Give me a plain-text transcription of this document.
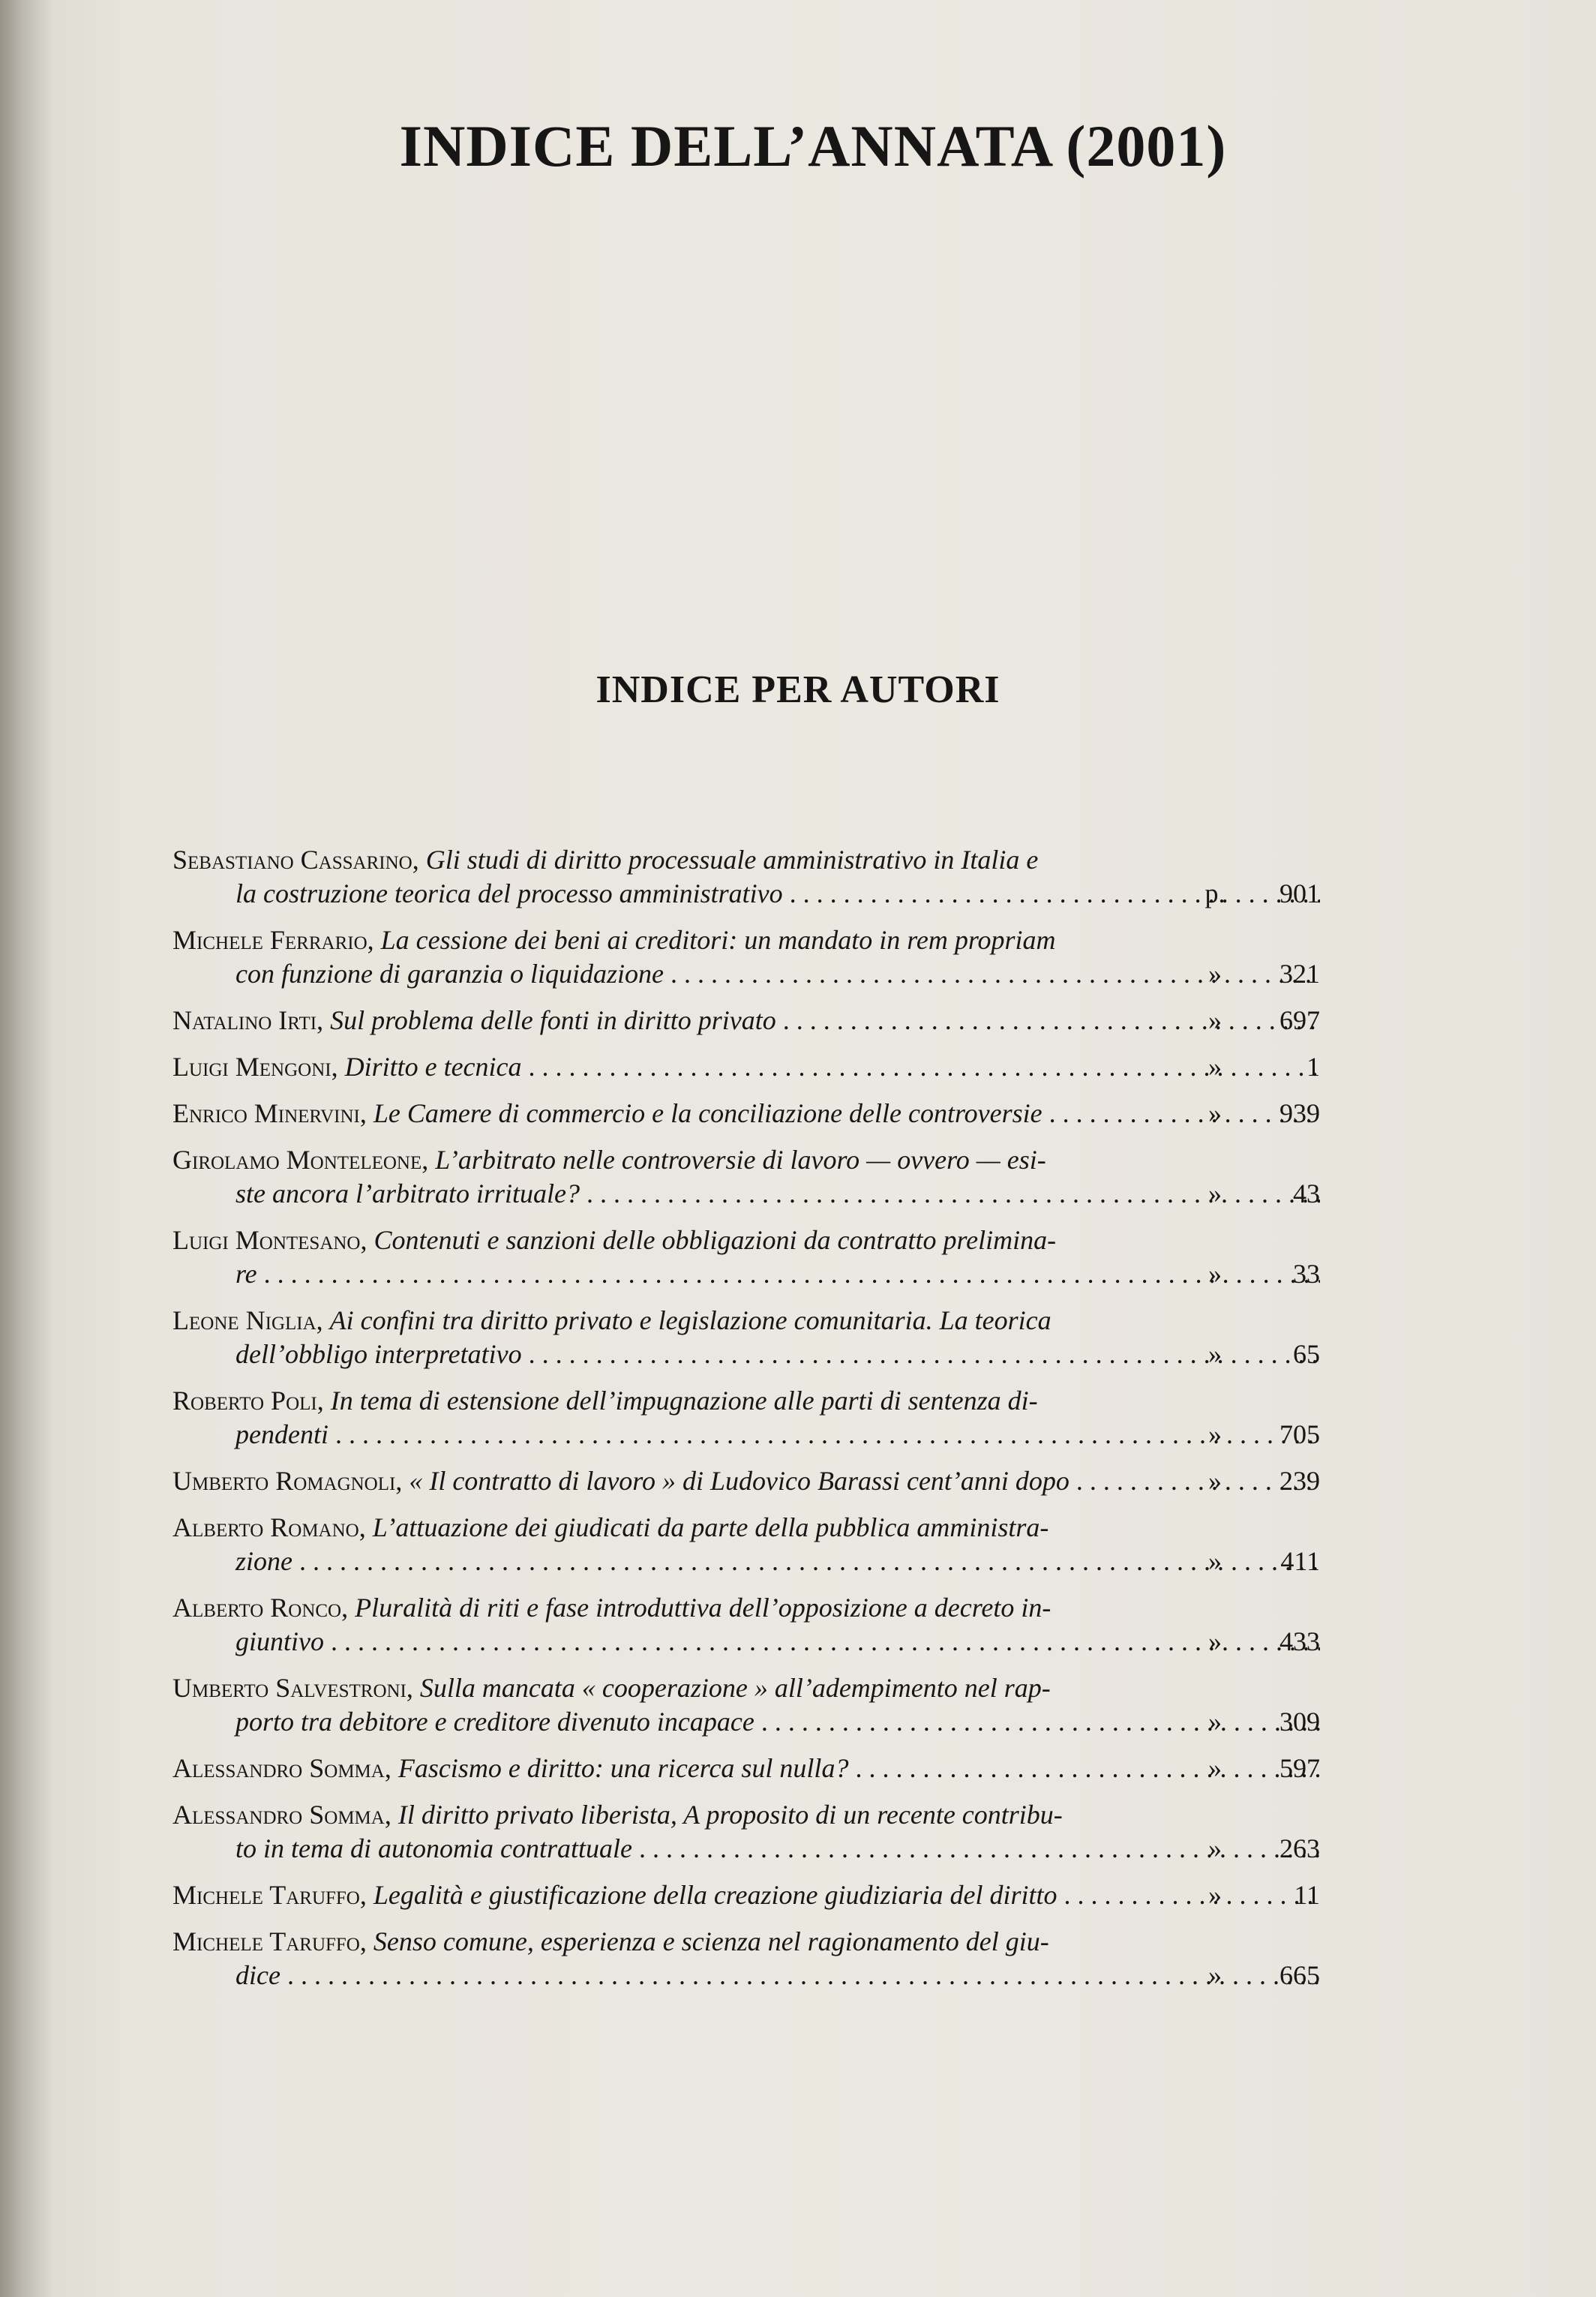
INDICE DELL’ANNATA (2001)
INDICE PER AUTORI
Sebastiano Cassarino, Gli studi di diritto processuale amministrativo in Italia e
la costruzione teorica del processo amministrativo . . .	p.	901
Michele Ferrario, La cessione dei beni ai creditori: un mandato in rem propriam
con funzione di garanzia o liquidazione . . .	»	321
Natalino Irti, Sul problema delle fonti in diritto privato . . .	»	697
Luigi Mengoni, Diritto e tecnica . . .	»	1
Enrico Minervini, Le Camere di commercio e la conciliazione delle controversie . . .	»	939
Girolamo Monteleone, L’arbitrato nelle controversie di lavoro — ovvero — esi-
ste ancora l’arbitrato irrituale? . . .	»	43
Luigi Montesano, Contenuti e sanzioni delle obbligazioni da contratto prelimina-
re . . .	»	33
Leone Niglia, Ai confini tra diritto privato e legislazione comunitaria. La teorica
dell’obbligo interpretativo . . .	»	65
Roberto Poli, In tema di estensione dell’impugnazione alle parti di sentenza di-
pendenti . . .	»	705
Umberto Romagnoli, « Il contratto di lavoro » di Ludovico Barassi cent’anni dopo . . .	»	239
Alberto Romano, L’attuazione dei giudicati da parte della pubblica amministra-
zione . . .	»	411
Alberto Ronco, Pluralità di riti e fase introduttiva dell’opposizione a decreto in-
giuntivo . . .	»	433
Umberto Salvestroni, Sulla mancata « cooperazione » all’adempimento nel rap-
porto tra debitore e creditore divenuto incapace . . .	»	309
Alessandro Somma, Fascismo e diritto: una ricerca sul nulla? . . .	»	597
Alessandro Somma, Il diritto privato liberista, A proposito di un recente contribu-
to in tema di autonomia contrattuale . . .	»	263
Michele Taruffo, Legalità e giustificazione della creazione giudiziaria del diritto . . .	»	11
Michele Taruffo, Senso comune, esperienza e scienza nel ragionamento del giu-
dice . . .	»	665
